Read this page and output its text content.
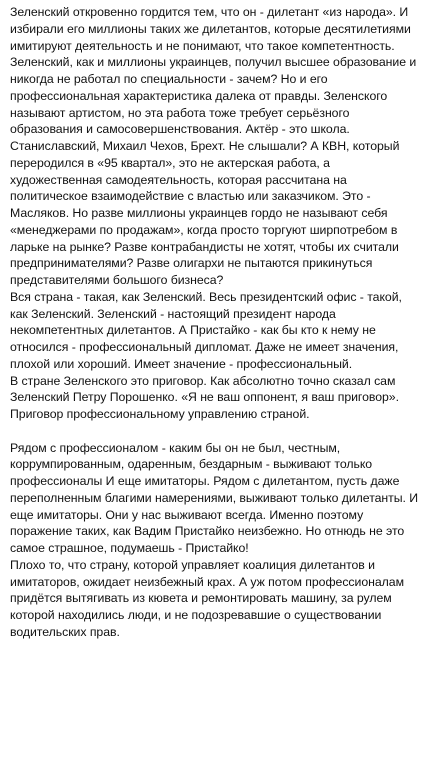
Зеленский откровенно гордится тем, что он - дилетант «из народа». И избирали его миллионы таких же дилетантов, которые десятилетиями имитируют деятельность и не понимают, что такое компетентность. Зеленский, как и миллионы украинцев, получил высшее образование и никогда не работал по специальности - зачем? Но и его профессиональная характеристика далека от правды. Зеленского называют артистом, но эта работа тоже требует серьёзного образования и самосовершенствования. Актёр - это школа. Станиславский, Михаил Чехов, Брехт. Не слышали? А КВН, который переродился в «95 квартал», это не актерская работа, а художественная самодеятельность, которая рассчитана на политическое взаимодействие с властью или заказчиком. Это - Масляков. Но разве миллионы украинцев гордо не называют себя «менеджерами по продажам», когда просто торгуют ширпотребом в ларьке на рынке? Разве контрабандисты не хотят, чтобы их считали предпринимателями? Разве олигархи не пытаются прикинуться представителями большого бизнеса?

Вся страна - такая, как Зеленский. Весь президентский офис - такой, как Зеленский. Зеленский - настоящий президент народа некомпетентных дилетантов. А Пристайко - как бы кто к нему не относился - профессиональный дипломат. Даже не имеет значения, плохой или хороший. Имеет значение - профессиональный.

В стране Зеленского это приговор. Как абсолютно точно сказал сам Зеленский Петру Порошенко. «Я не ваш оппонент, я ваш приговор». Приговор профессиональному управлению страной.

Рядом с профессионалом - каким бы он не был, честным, коррумпированным, одаренным, бездарным - выживают только профессионалы И еще имитаторы. Рядом с дилетантом, пусть даже переполненным благими намерениями, выживают только дилетанты. И еще имитаторы. Они у нас выживают всегда. Именно поэтому поражение таких, как Вадим Пристайко неизбежно. Но отнюдь не это самое страшное, подумаешь - Пристайко!

Плохо то, что страну, которой управляет коалиция дилетантов и имитаторов, ожидает неизбежный крах. А уж потом профессионалам придётся вытягивать из кювета и ремонтировать машину, за рулем которой находились люди, и не подозревавшие о существовании водительских прав.
